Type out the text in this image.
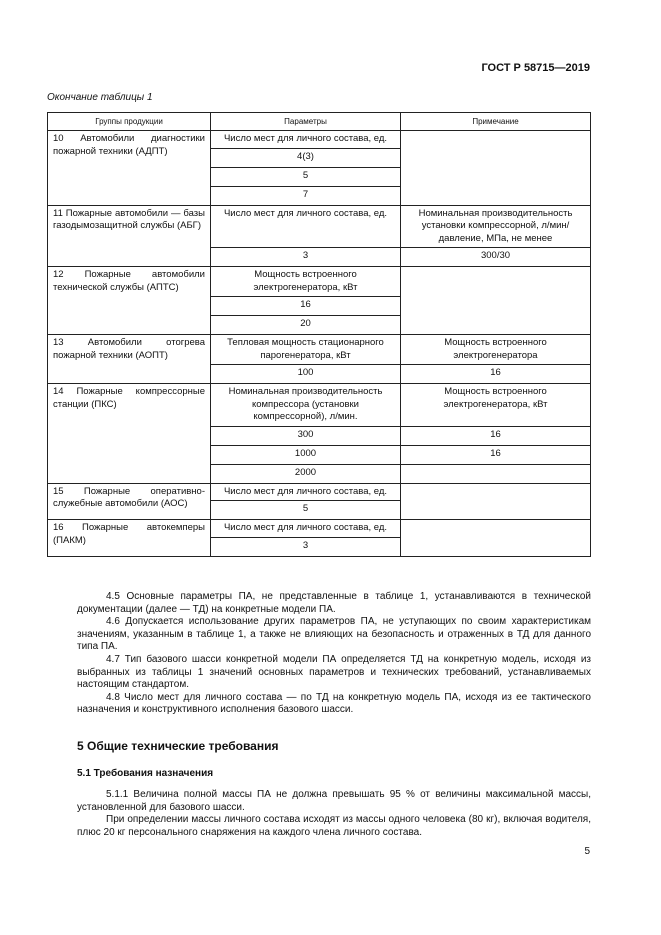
ГОСТ Р 58715—2019
Окончание таблицы 1
Группы продукции	Параметры	Примечание
10 Автомобили диагностики пожарной техники (АДПТ)	Число мест для личного состава, ед.	
	4(3)	
	5	
	7	
11 Пожарные автомобили — базы газодымозащитной службы (АБГ)	Число мест для личного состава, ед.	Номинальная производительность установки компрессорной, л/мин/давление, МПа, не менее
	3	300/30
12 Пожарные автомобили технической службы (АПТС)	Мощность встроенного электрогенератора, кВт	
	16	
	20	
13 Автомобили отогрева пожарной техники (АОПТ)	Тепловая мощность стационарного парогенератора, кВт	Мощность встроенного электрогенератора
	100	16
14 Пожарные компрессорные станции (ПКС)	Номинальная производительность компрессора (установки компрессорной), л/мин.	Мощность встроенного электрогенератора, кВт
	300	16
	1000	16
	2000	
15 Пожарные оперативно-служебные автомобили (АОС)	Число мест для личного состава, ед.	
	5	
16 Пожарные автокемперы (ПАКМ)	Число мест для личного состава, ед.	
	3	

4.5 Основные параметры ПА, не представленные в таблице 1, устанавливаются в технической документации (далее — ТД) на конкретные модели ПА.

4.6 Допускается использование других параметров ПА, не уступающих по своим характеристикам значениям, указанным в таблице 1, а также не влияющих на безопасность и отраженных в ТД для данного типа ПА.

4.7 Тип базового шасси конкретной модели ПА определяется ТД на конкретную модель, исходя из выбранных из таблицы 1 значений основных параметров и технических требований, устанавливаемых настоящим стандартом.

4.8 Число мест для личного состава — по ТД на конкретную модель ПА, исходя из ее тактического назначения и конструктивного исполнения базового шасси.

5 Общие технические требования
5.1 Требования назначения

5.1.1 Величина полной массы ПА не должна превышать 95 % от величины максимальной массы, установленной для базового шасси.

При определении массы личного состава исходят из массы одного человека (80 кг), включая водителя, плюс 20 кг персонального снаряжения на каждого члена личного состава.

5
